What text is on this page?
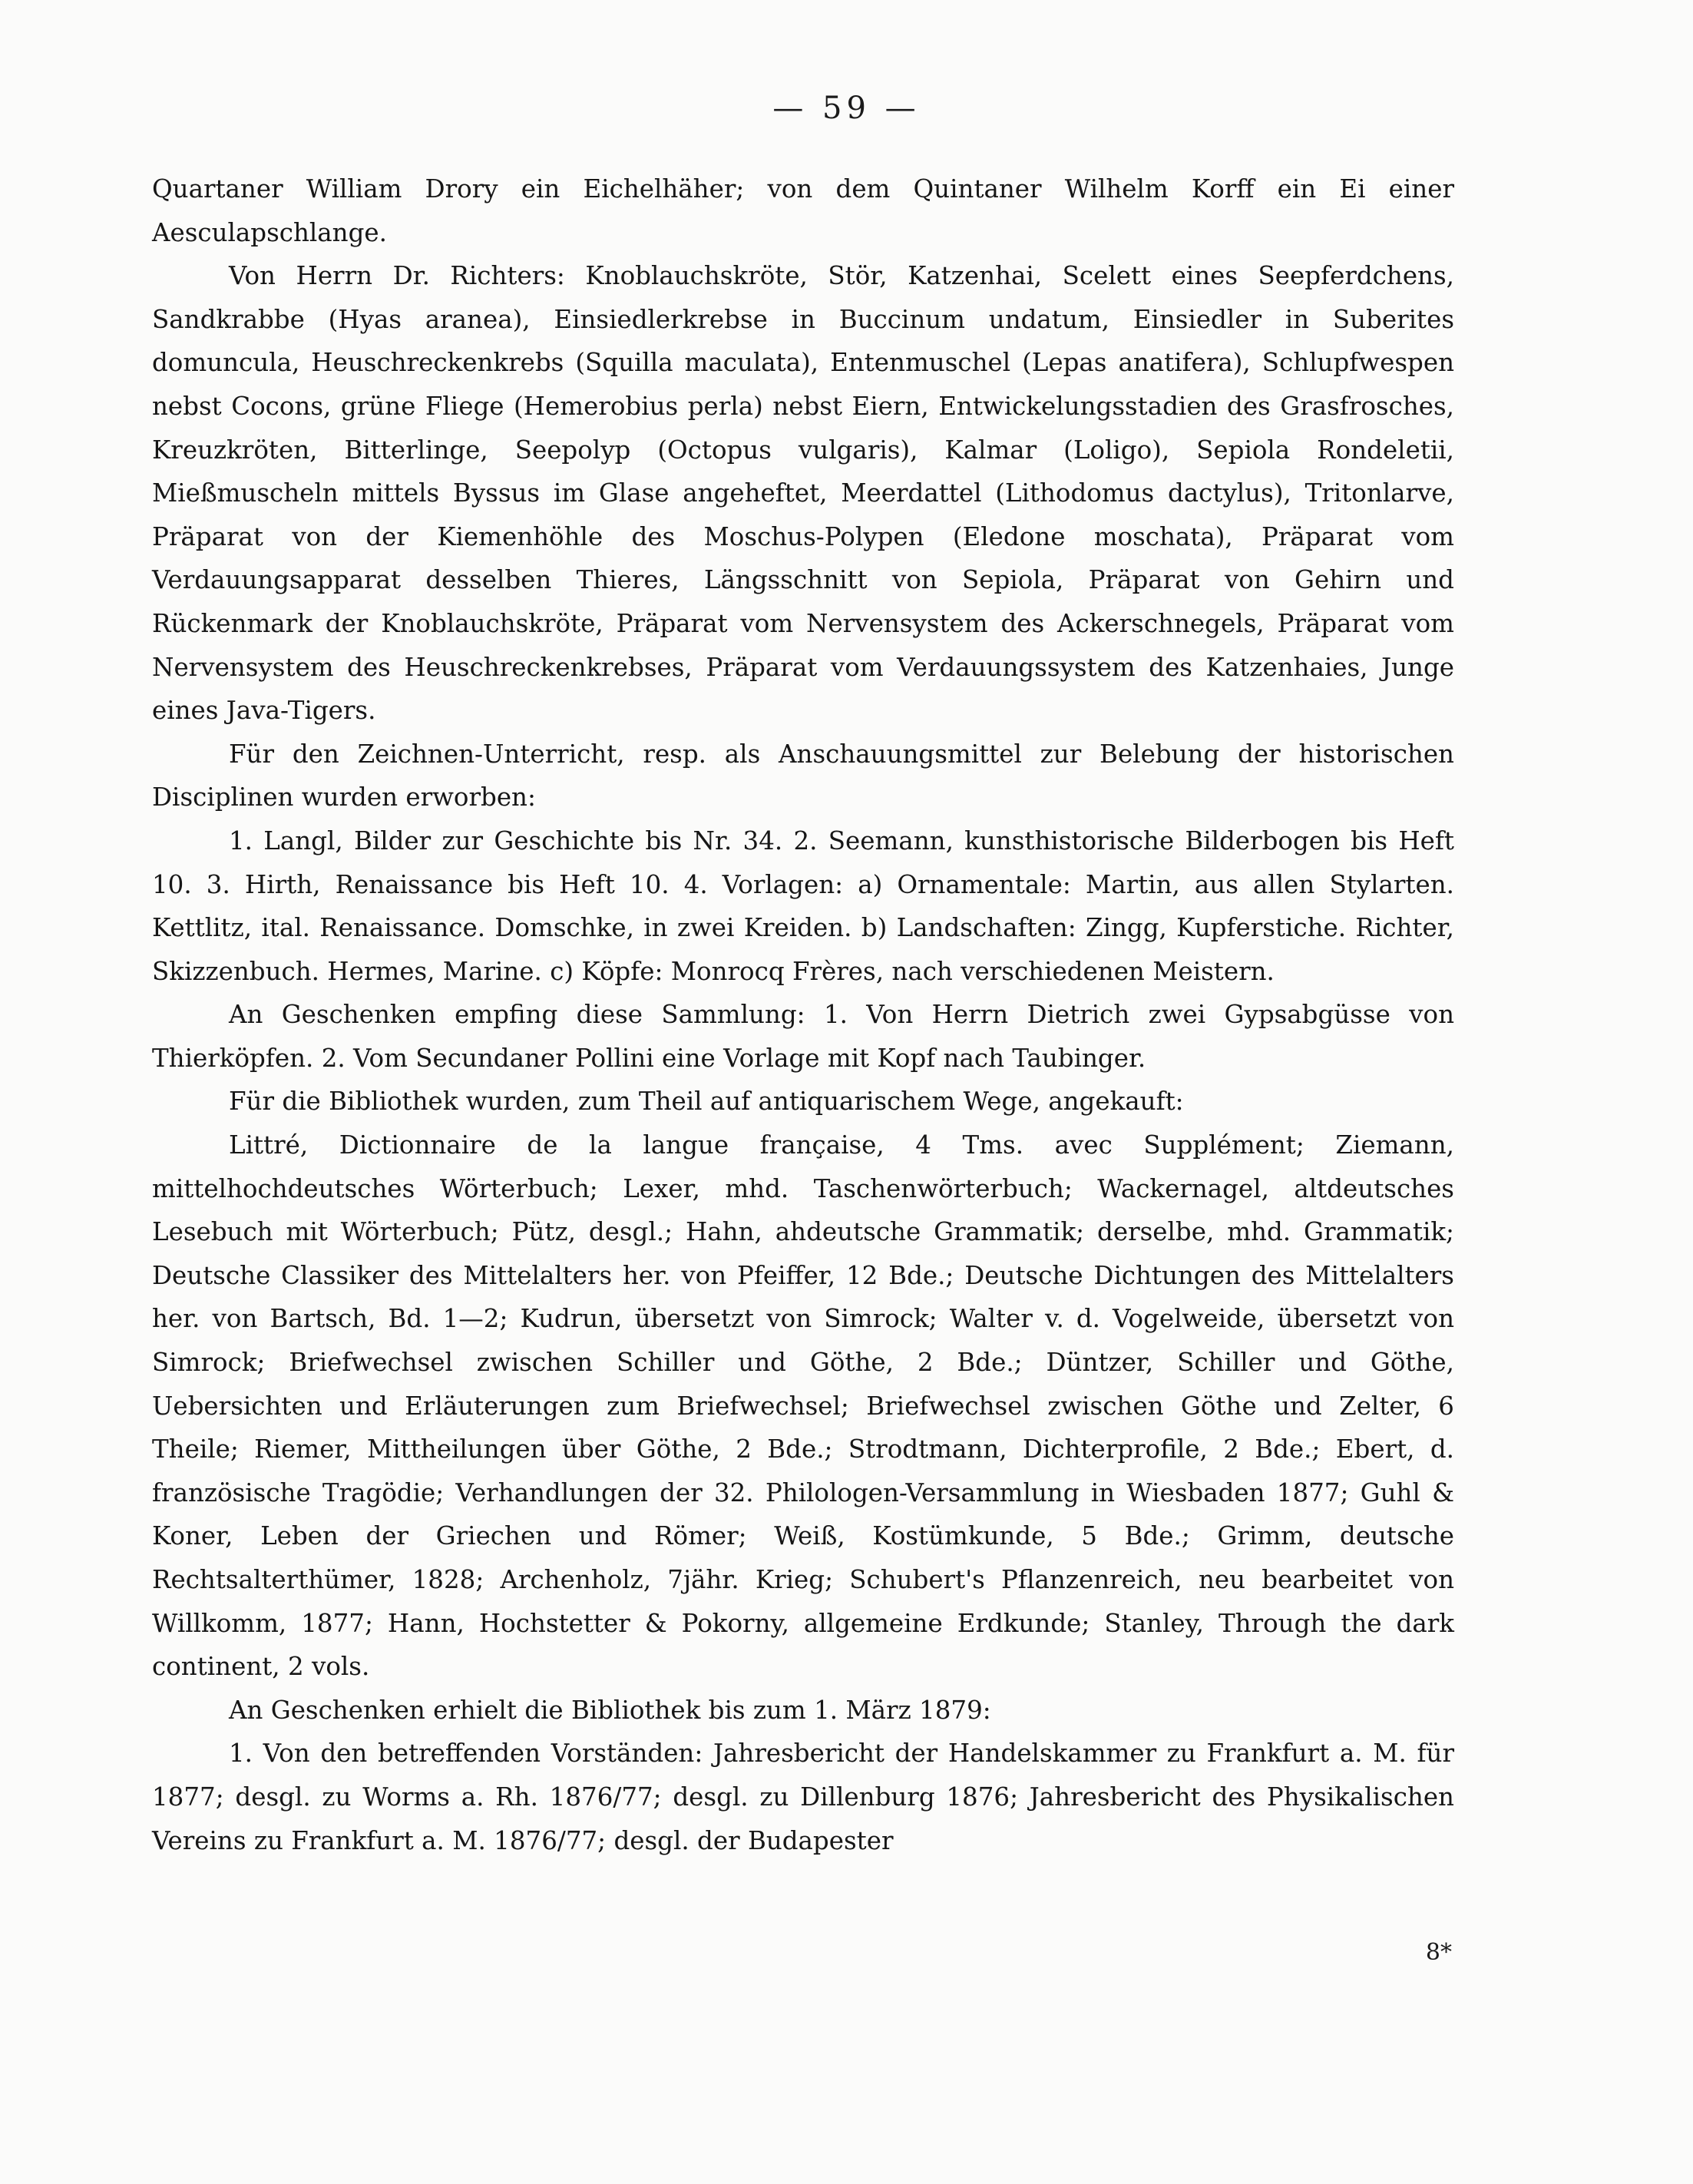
— 59 —

Quartaner William Drory ein Eichelhäher; von dem Quintaner Wilhelm Korff ein Ei einer Aesculapschlange.

Von Herrn Dr. Richters: Knoblauchskröte, Stör, Katzenhai, Scelett eines Seepferdchens, Sandkrabbe (Hyas aranea), Einsiedlerkrebse in Buccinum undatum, Einsiedler in Suberites domuncula, Heuschreckenkrebs (Squilla maculata), Entenmuschel (Lepas anatifera), Schlupfwespen nebst Cocons, grüne Fliege (Hemerobius perla) nebst Eiern, Entwickelungsstadien des Grasfrosches, Kreuzkröten, Bitterlinge, Seepolyp (Octopus vulgaris), Kalmar (Loligo), Sepiola Rondeletii, Mießmuscheln mittels Byssus im Glase angeheftet, Meerdattel (Lithodomus dactylus), Tritonlarve, Präparat von der Kiemenhöhle des Moschus-Polypen (Eledone moschata), Präparat vom Verdauungsapparat desselben Thieres, Längsschnitt von Sepiola, Präparat von Gehirn und Rückenmark der Knoblauchskröte, Präparat vom Nervensystem des Ackerschnegels, Präparat vom Nervensystem des Heuschreckenkrebses, Präparat vom Verdauungssystem des Katzenhaies, Junge eines Java-Tigers.

Für den Zeichnen-Unterricht, resp. als Anschauungsmittel zur Belebung der historischen Disciplinen wurden erworben:

1. Langl, Bilder zur Geschichte bis Nr. 34. 2. Seemann, kunsthistorische Bilderbogen bis Heft 10. 3. Hirth, Renaissance bis Heft 10. 4. Vorlagen: a) Ornamentale: Martin, aus allen Stylarten. Kettlitz, ital. Renaissance. Domschke, in zwei Kreiden. b) Landschaften: Zingg, Kupferstiche. Richter, Skizzenbuch. Hermes, Marine. c) Köpfe: Monrocq Frères, nach verschiedenen Meistern.

An Geschenken empfing diese Sammlung: 1. Von Herrn Dietrich zwei Gypsabgüsse von Thierköpfen. 2. Vom Secundaner Pollini eine Vorlage mit Kopf nach Taubinger.

Für die Bibliothek wurden, zum Theil auf antiquarischem Wege, angekauft:

Littré, Dictionnaire de la langue française, 4 Tms. avec Supplément; Ziemann, mittelhochdeutsches Wörterbuch; Lexer, mhd. Taschenwörterbuch; Wackernagel, altdeutsches Lesebuch mit Wörterbuch; Pütz, desgl.; Hahn, ahdeutsche Grammatik; derselbe, mhd. Grammatik; Deutsche Classiker des Mittelalters her. von Pfeiffer, 12 Bde.; Deutsche Dichtungen des Mittelalters her. von Bartsch, Bd. 1—2; Kudrun, übersetzt von Simrock; Walter v. d. Vogelweide, übersetzt von Simrock; Briefwechsel zwischen Schiller und Göthe, 2 Bde.; Düntzer, Schiller und Göthe, Uebersichten und Erläuterungen zum Briefwechsel; Briefwechsel zwischen Göthe und Zelter, 6 Theile; Riemer, Mittheilungen über Göthe, 2 Bde.; Strodtmann, Dichterprofile, 2 Bde.; Ebert, d. französische Tragödie; Verhandlungen der 32. Philologen-Versammlung in Wiesbaden 1877; Guhl & Koner, Leben der Griechen und Römer; Weiß, Kostümkunde, 5 Bde.; Grimm, deutsche Rechtsalterthümer, 1828; Archenholz, 7jähr. Krieg; Schubert's Pflanzenreich, neu bearbeitet von Willkomm, 1877; Hann, Hochstetter & Pokorny, allgemeine Erdkunde; Stanley, Through the dark continent, 2 vols.

An Geschenken erhielt die Bibliothek bis zum 1. März 1879:

1. Von den betreffenden Vorständen: Jahresbericht der Handelskammer zu Frankfurt a. M. für 1877; desgl. zu Worms a. Rh. 1876/77; desgl. zu Dillenburg 1876; Jahresbericht des Physikalischen Vereins zu Frankfurt a. M. 1876/77; desgl. der Budapester

8*
